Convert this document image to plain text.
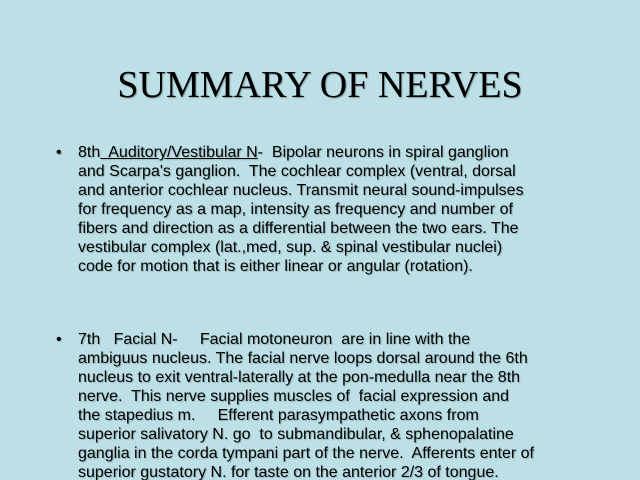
SUMMARY OF NERVES
• 8th  Auditory/Vestibular N-  Bipolar neurons in spiral ganglion
and Scarpa's ganglion.  The cochlear complex (ventral, dorsal
and anterior cochlear nucleus. Transmit neural sound-impulses
for frequency as a map, intensity as frequency and number of
fibers and direction as a differential between the two ears. The
vestibular complex (lat.,med, sup. & spinal vestibular nuclei)
code for motion that is either linear or angular (rotation).
• 7th   Facial N-     Facial motoneuron  are in line with the
ambiguus nucleus. The facial nerve loops dorsal around the 6th
nucleus to exit ventral-laterally at the pon-medulla near the 8th
nerve.  This nerve supplies muscles of  facial expression and
the stapedius m.     Efferent parasympathetic axons from
superior salivatory N. go  to submandibular, & sphenopalatine
ganglia in the corda tympani part of the nerve.  Afferents enter of
superior gustatory N. for taste on the anterior 2/3 of tongue.
